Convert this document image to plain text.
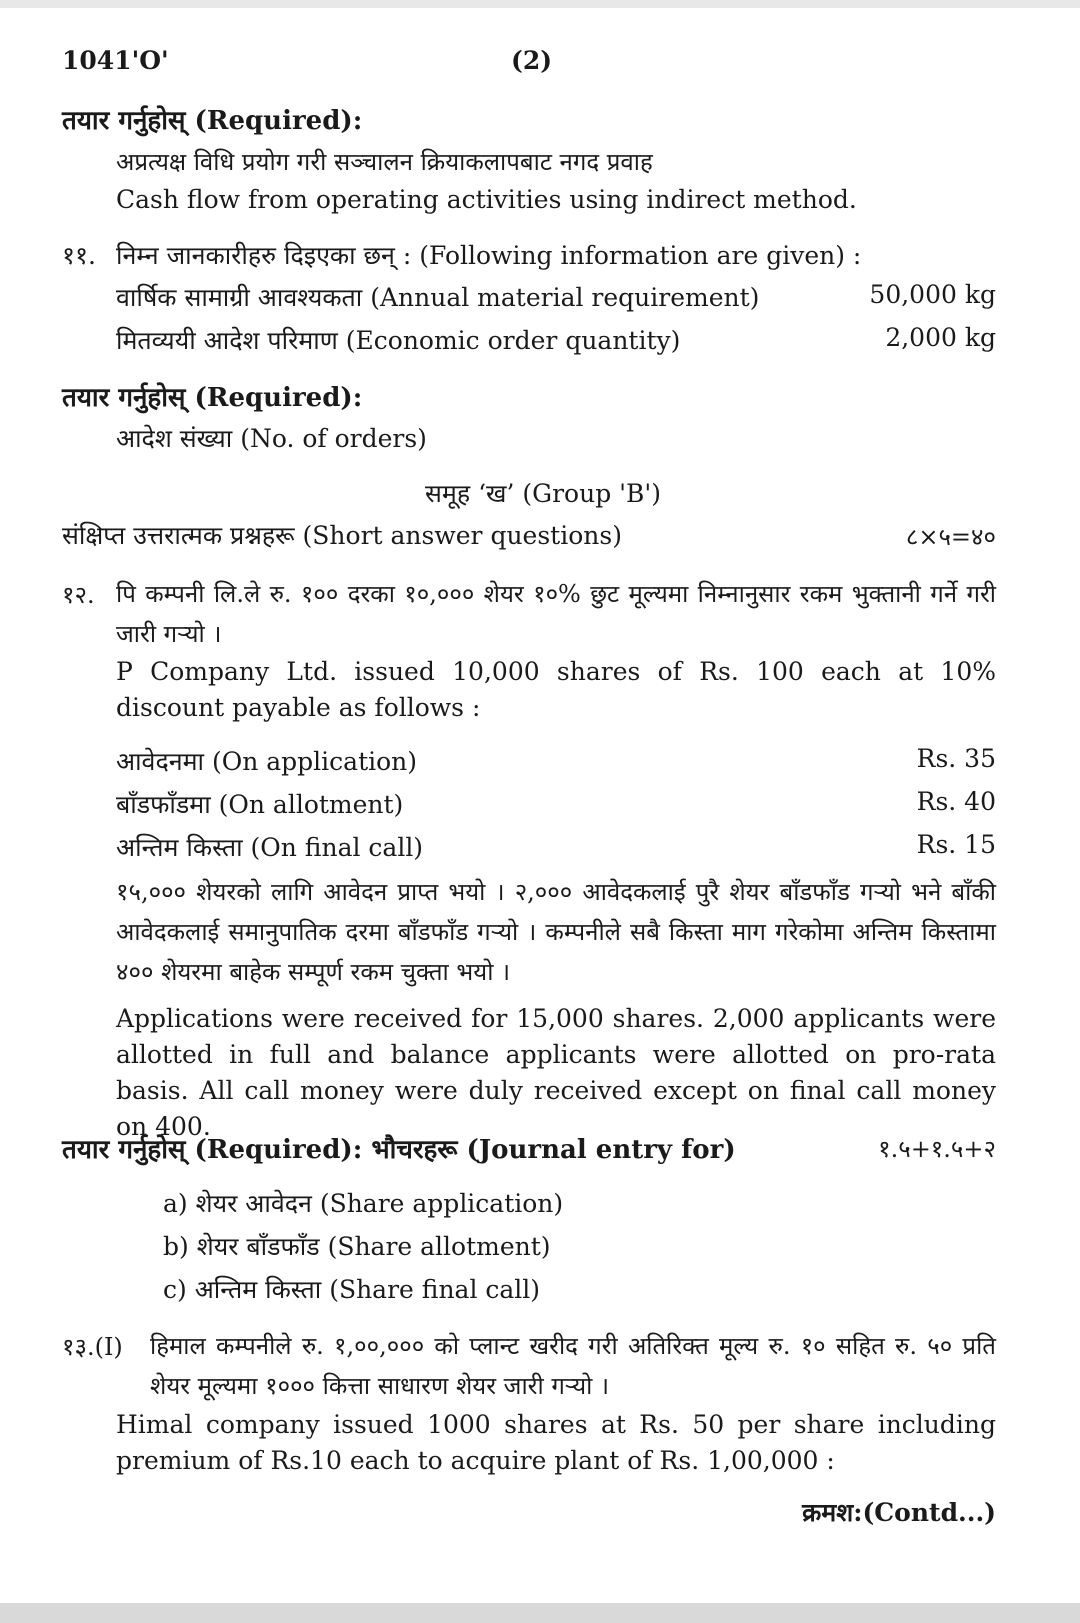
1041'O'	(2)
तयार गर्नुहोस् (Required):
अप्रत्यक्ष विधि प्रयोग गरी सञ्चालन क्रियाकलापबाट नगद प्रवाह
Cash flow from operating activities using indirect method.
११. निम्न जानकारीहरु दिइएका छन् : (Following information are given) :
वार्षिक सामाग्री आवश्यकता (Annual material requirement)	50,000 kg
मितव्ययी आदेश परिमाण (Economic order quantity)	2,000 kg
तयार गर्नुहोस् (Required):
आदेश संख्या (No. of orders)
समूह ‘ख’ (Group 'B')
संक्षिप्त उत्तरात्मक प्रश्नहरू (Short answer questions)	८×५=४०
१२. पि कम्पनी लि.ले रु. १०० दरका १०,००० शेयर १०% छुट मूल्यमा निम्नानुसार रकम भुक्तानी गर्ने गरी जारी गऱ्यो ।
P Company Ltd. issued 10,000 shares of Rs. 100 each at 10% discount payable as follows :
आवेदनमा (On application)	Rs. 35
बाँडफाँडमा (On allotment)	Rs. 40
अन्तिम किस्ता (On final call)	Rs. 15
१५,००० शेयरको लागि आवेदन प्राप्त भयो । २,००० आवेदकलाई पुरै शेयर बाँडफाँड गऱ्यो भने बाँकी आवेदकलाई समानुपातिक दरमा बाँडफाँड गऱ्यो । कम्पनीले सबै किस्ता माग गरेकोमा अन्तिम किस्तामा ४०० शेयरमा बाहेक सम्पूर्ण रकम चुक्ता भयो ।
Applications were received for 15,000 shares. 2,000 applicants were allotted in full and balance applicants were allotted on pro-rata basis. All call money were duly received except on final call money on 400.
तयार गर्नुहोस् (Required): भौचरहरू (Journal entry for)	१.५+१.५+२
a) शेयर आवेदन (Share application)
b) शेयर बाँडफाँड (Share allotment)
c) अन्तिम किस्ता (Share final call)
१३.(I) हिमाल कम्पनीले रु. १,००,००० को प्लान्ट खरीद गरी अतिरिक्त मूल्य रु. १० सहित रु. ५० प्रति शेयर मूल्यमा १००० कित्ता साधारण शेयर जारी गऱ्यो ।
Himal company issued 1000 shares at Rs. 50 per share including premium of Rs.10 each to acquire plant of Rs. 1,00,000 :
क्रमश:(Contd...)
